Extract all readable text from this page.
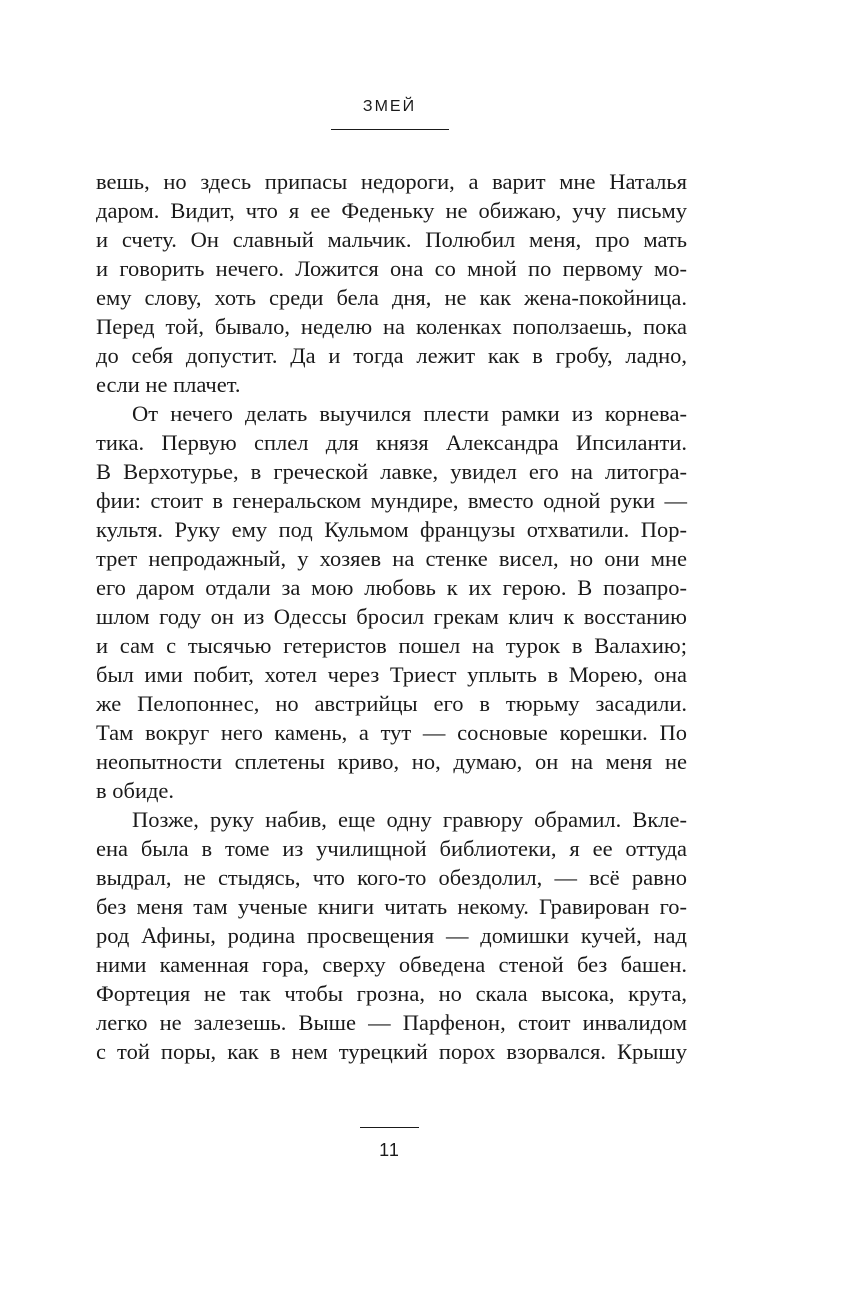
ЗМЕЙ
вешь, но здесь припасы недороги, а варит мне Наталья
даром. Видит, что я ее Феденьку не обижаю, учу письму
и счету. Он славный мальчик. Полюбил меня, про мать
и говорить нечего. Ложится она со мной по первому мо-
ему слову, хоть среди бела дня, не как жена-покойница.
Перед той, бывало, неделю на коленках поползаешь, пока
до себя допустит. Да и тогда лежит как в гробу, ладно,
если не плачет.
От нечего делать выучился плести рамки из корнева-
тика. Первую сплел для князя Александра Ипсиланти.
В Верхотурье, в греческой лавке, увидел его на литогра-
фии: стоит в генеральском мундире, вместо одной руки —
культя. Руку ему под Кульмом французы отхватили. Пор-
трет непродажный, у хозяев на стенке висел, но они мне
его даром отдали за мою любовь к их герою. В позапро-
шлом году он из Одессы бросил грекам клич к восстанию
и сам с тысячью гетеристов пошел на турок в Валахию;
был ими побит, хотел через Триест уплыть в Морею, она
же Пелопоннес, но австрийцы его в тюрьму засадили.
Там вокруг него камень, а тут — сосновые корешки. По
неопытности сплетены криво, но, думаю, он на меня не
в обиде.
Позже, руку набив, еще одну гравюру обрамил. Вкле-
ена была в томе из училищной библиотеки, я ее оттуда
выдрал, не стыдясь, что кого-то обездолил, — всё равно
без меня там ученые книги читать некому. Гравирован го-
род Афины, родина просвещения — домишки кучей, над
ними каменная гора, сверху обведена стеной без башен.
Фортеция не так чтобы грозна, но скала высока, крута,
легко не залезешь. Выше — Парфенон, стоит инвалидом
с той поры, как в нем турецкий порох взорвался. Крышу
11
